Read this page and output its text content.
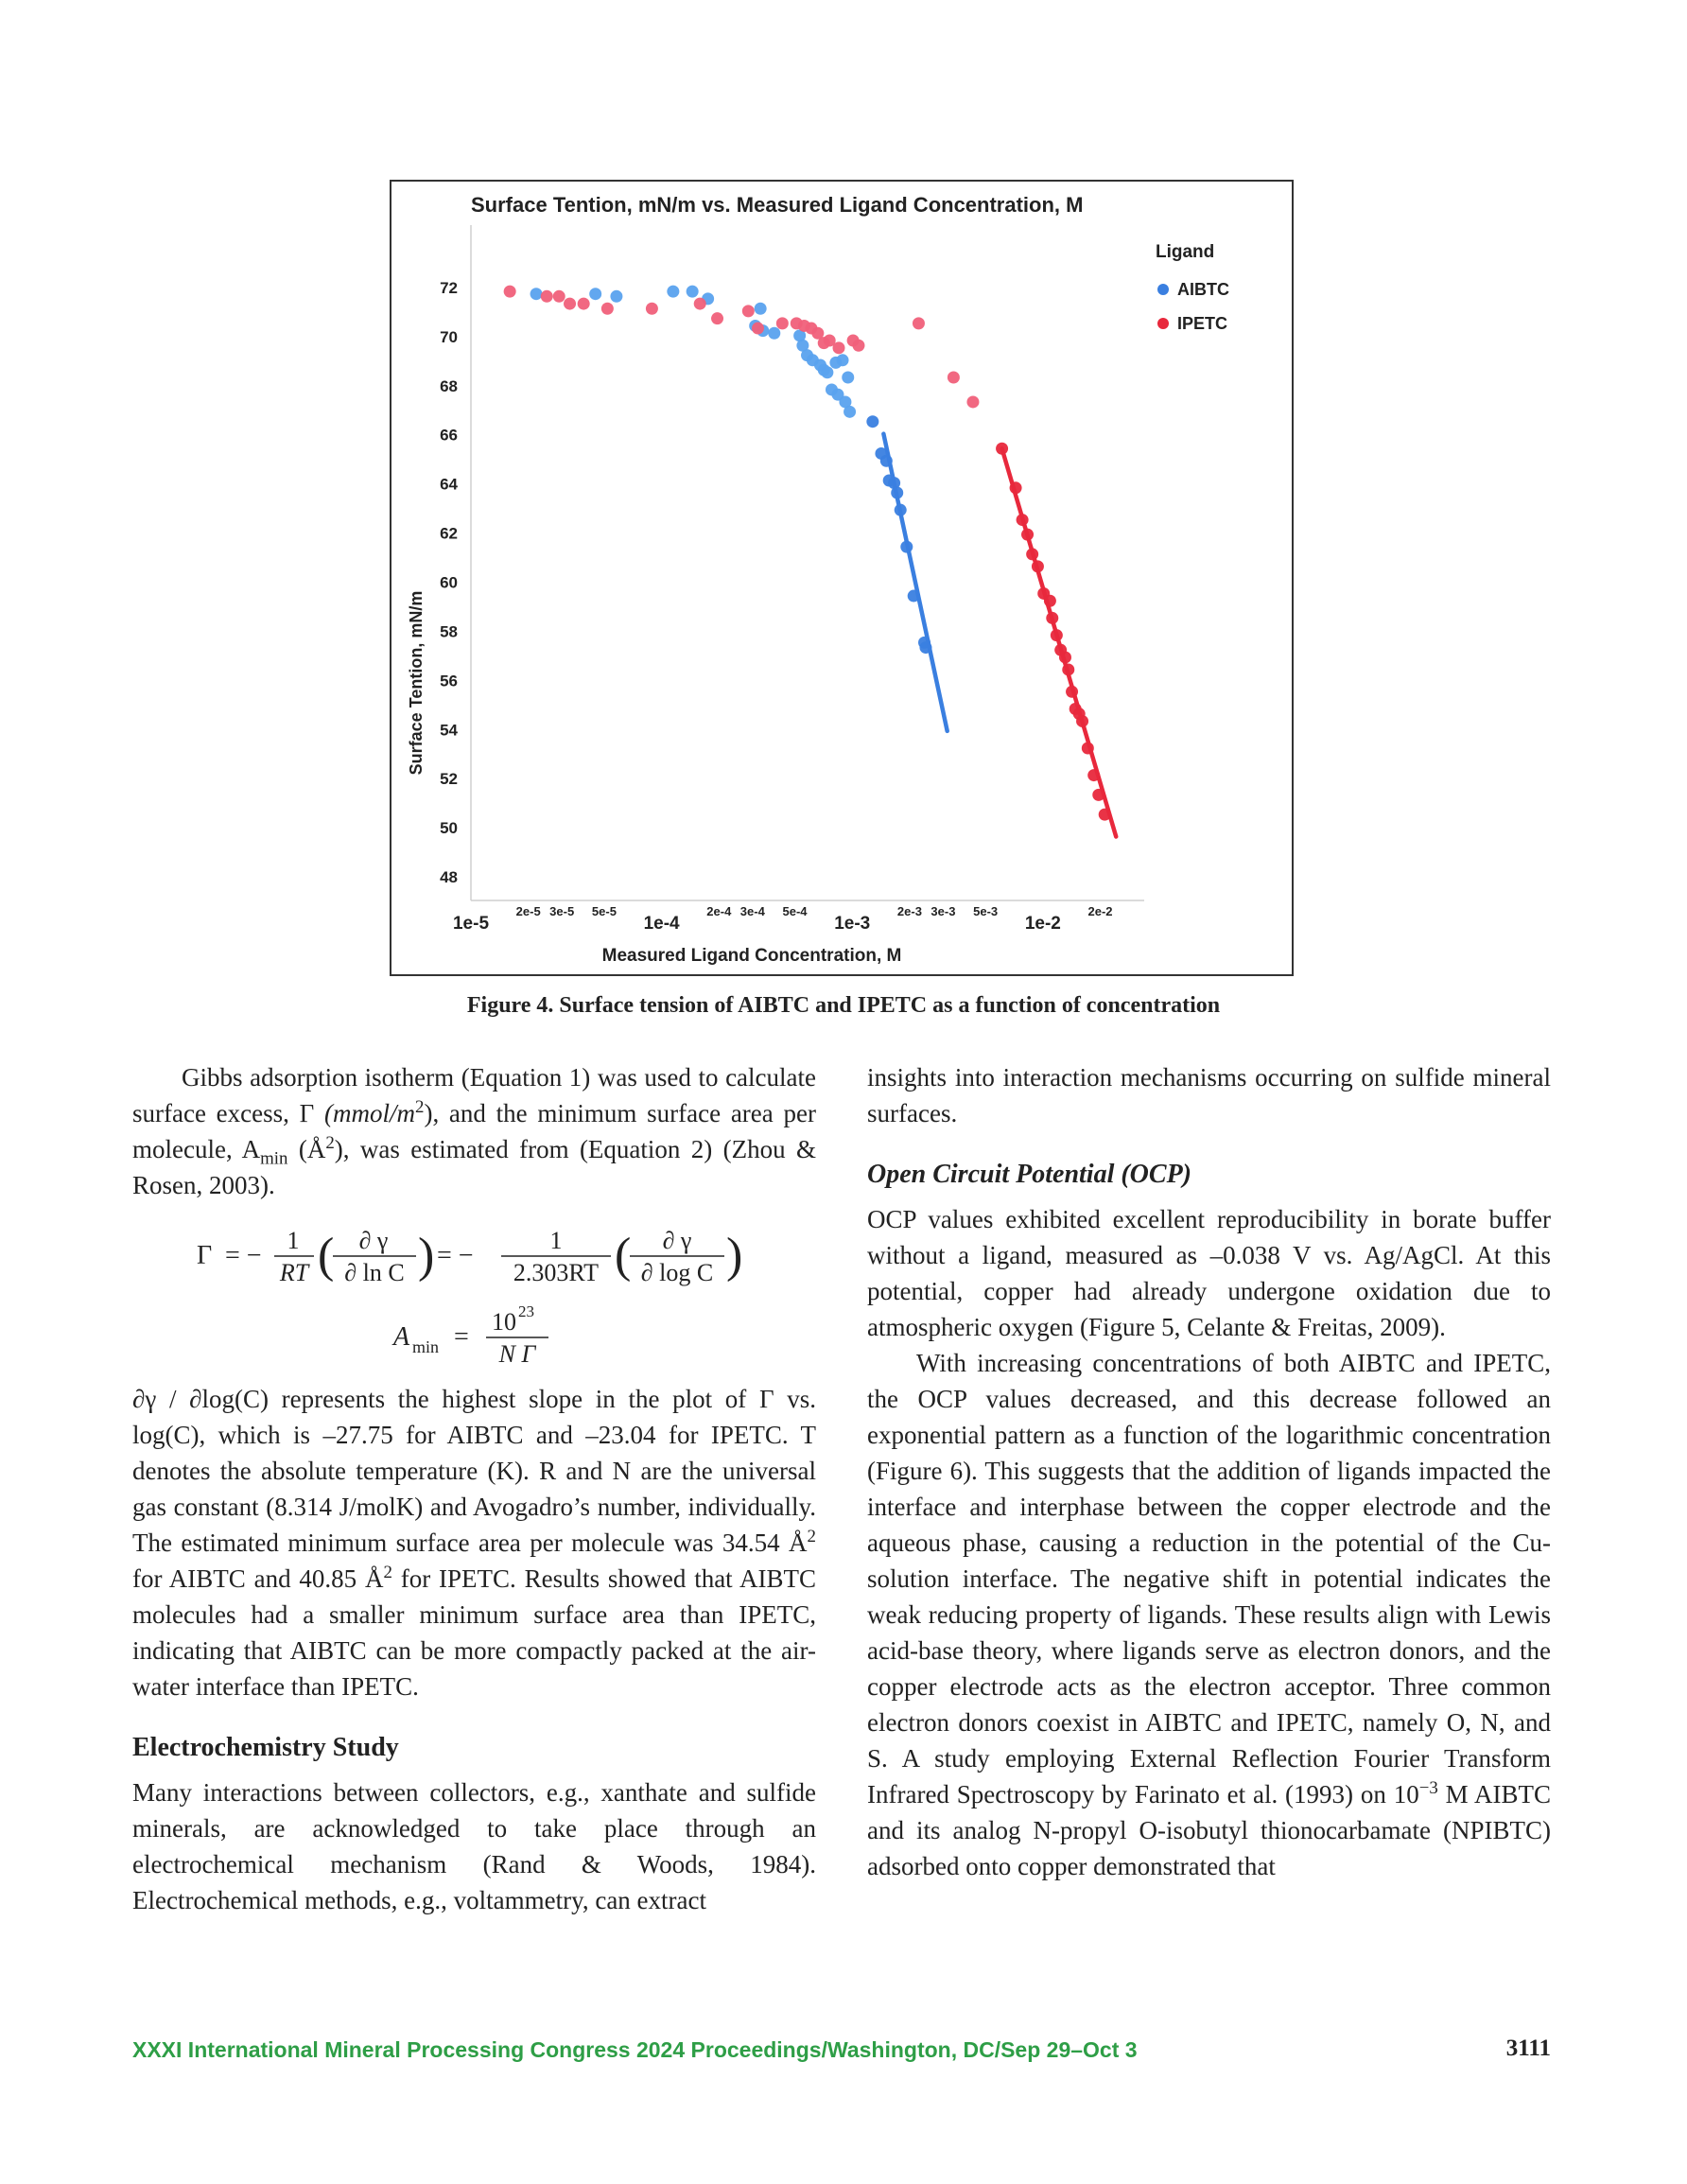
Surface Tention, mN/m vs. Measured Ligand Concentration, M
48
50
52
54
56
58
60
62
64
66
68
70
72
1e-5	1e-4	1e-3	1e-2
2e-5 3e-5 5e-5	2e-4 3e-4 5e-4	2e-3 3e-3 5e-3	2e-2
Surface Tention, mN/m
Measured Ligand Concentration, M
Ligand
AIBTC
IPETC
Figure 4. Surface tension of AIBTC and IPETC as a function of concentration

Gibbs adsorption isotherm (Equation 1) was used to calculate surface excess, Γ $(mmol/m^2)$, and the minimum surface area per molecule, $A_{min}$ $(Å^2)$, was estimated from (Equation 2) (Zhou & Rosen, 2003).

Γ = −
1
RT ( ∂ γ
∂ ln C ) = −
1
2.303RT ( ∂ γ
∂ log C )
A min =
10 23
N Γ

∂γ / ∂log(C) represents the highest slope in the plot of Γ vs. log(C), which is –27.75 for AIBTC and –23.04 for IPETC. T denotes the absolute temperature (K). R and N are the universal gas constant (8.314 J/molK) and Avogadro’s number, individually. The estimated minimum surface area per molecule was 34.54 $Å^2$ for AIBTC and 40.85 $Å^2$ for IPETC. Results showed that AIBTC molecules had a smaller minimum surface area than IPETC, indicating that AIBTC can be more compactly packed at the air-water interface than IPETC.

Electrochemistry Study

Many interactions between collectors, e.g., xanthate and sulfide minerals, are acknowledged to take place through an electrochemical mechanism (Rand & Woods, 1984). Electrochemical methods, e.g., voltammetry, can extract

insights into interaction mechanisms occurring on sulfide mineral surfaces.

Open Circuit Potential (OCP)

OCP values exhibited excellent reproducibility in borate buffer without a ligand, measured as –0.038 V vs. Ag/AgCl. At this potential, copper had already undergone oxidation due to atmospheric oxygen (Figure 5, Celante & Freitas, 2009).

With increasing concentrations of both AIBTC and IPETC, the OCP values decreased, and this decrease followed an exponential pattern as a function of the logarithmic concentration (Figure 6). This suggests that the addition of ligands impacted the interface and interphase between the copper electrode and the aqueous phase, causing a reduction in the potential of the Cu-solution interface. The negative shift in potential indicates the weak reducing property of ligands. These results align with Lewis acid-base theory, where ligands serve as electron donors, and the copper electrode acts as the electron acceptor. Three common electron donors coexist in AIBTC and IPETC, namely O, N, and S. A study employing External Reflection Fourier Transform Infrared Spectroscopy by Farinato et al. (1993) on $10^{-3}$ M AIBTC and its analog N-propyl O-isobutyl thionocarbamate (NPIBTC) adsorbed onto copper demonstrated that

XXXI International Mineral Processing Congress 2024 Proceedings/Washington, DC/Sep 29–Oct 3	3111
